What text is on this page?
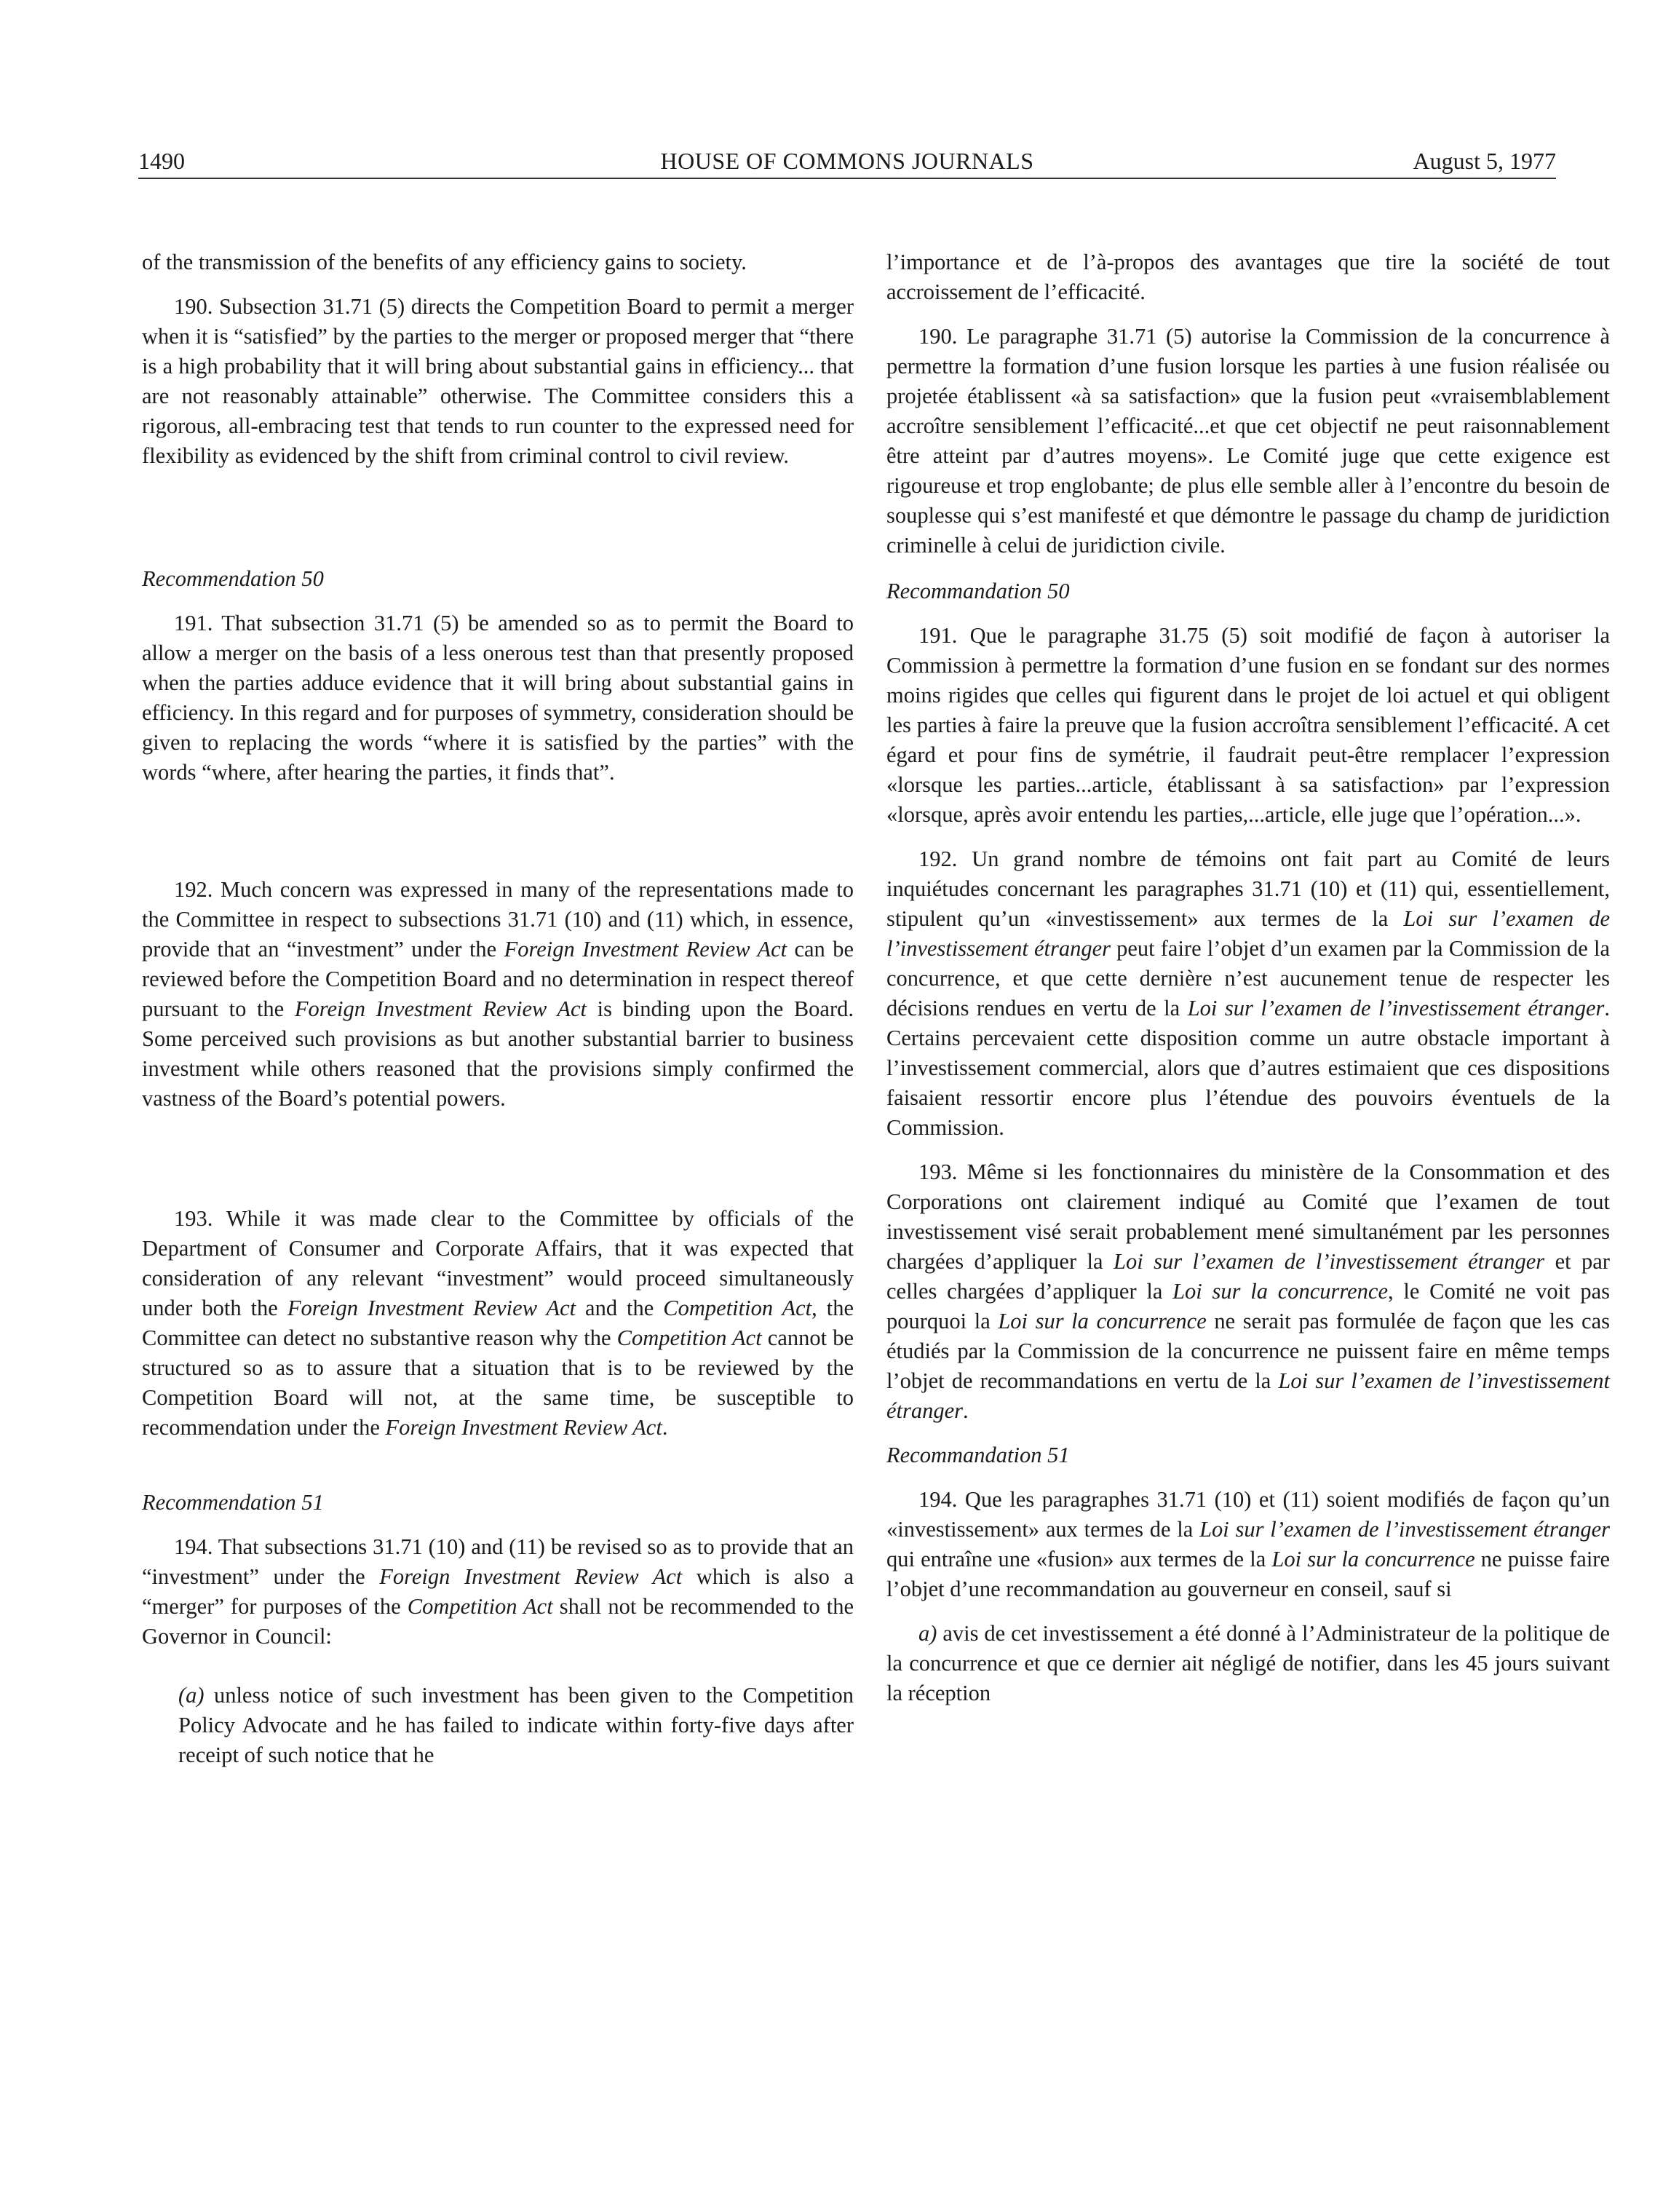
1490	HOUSE OF COMMONS JOURNALS	August 5, 1977

of the transmission of the benefits of any efficiency gains to society.

190. Subsection 31.71 (5) directs the Competition Board to permit a merger when it is “satisfied” by the parties to the merger or proposed merger that “there is a high probability that it will bring about substantial gains in efficiency... that are not reasonably attainable” otherwise. The Committee considers this a rigorous, all-embracing test that tends to run counter to the expressed need for flexibility as evidenced by the shift from criminal control to civil review.

Recommendation 50

191. That subsection 31.71 (5) be amended so as to permit the Board to allow a merger on the basis of a less onerous test than that presently proposed when the parties adduce evidence that it will bring about substantial gains in efficiency. In this regard and for purposes of symmetry, consideration should be given to replacing the words “where it is satisfied by the parties” with the words “where, after hearing the parties, it finds that”.

192. Much concern was expressed in many of the representations made to the Committee in respect to subsections 31.71 (10) and (11) which, in essence, provide that an “investment” under the Foreign Investment Review Act can be reviewed before the Competition Board and no determination in respect thereof pursuant to the Foreign Investment Review Act is binding upon the Board. Some perceived such provisions as but another substantial barrier to business investment while others reasoned that the provisions simply confirmed the vastness of the Board’s potential powers.

193. While it was made clear to the Committee by officials of the Department of Consumer and Corporate Affairs, that it was expected that consideration of any relevant “investment” would proceed simultaneously under both the Foreign Investment Review Act and the Competition Act, the Committee can detect no substantive reason why the Competition Act cannot be structured so as to assure that a situation that is to be reviewed by the Competition Board will not, at the same time, be susceptible to recommendation under the Foreign Investment Review Act.

Recommendation 51

194. That subsections 31.71 (10) and (11) be revised so as to provide that an “investment” under the Foreign Investment Review Act which is also a “merger” for purposes of the Competition Act shall not be recommended to the Governor in Council:

(a) unless notice of such investment has been given to the Competition Policy Advocate and he has failed to indicate within forty-five days after receipt of such notice that he

l’importance et de l’à-propos des avantages que tire la société de tout accroissement de l’efficacité.

190. Le paragraphe 31.71 (5) autorise la Commission de la concurrence à permettre la formation d’une fusion lorsque les parties à une fusion réalisée ou projetée établissent «à sa satisfaction» que la fusion peut «vraisemblablement accroître sensiblement l’efficacité...et que cet objectif ne peut raisonnablement être atteint par d’autres moyens». Le Comité juge que cette exigence est rigoureuse et trop englobante; de plus elle semble aller à l’encontre du besoin de souplesse qui s’est manifesté et que démontre le passage du champ de juridiction criminelle à celui de juridiction civile.

Recommandation 50

191. Que le paragraphe 31.75 (5) soit modifié de façon à autoriser la Commission à permettre la formation d’une fusion en se fondant sur des normes moins rigides que celles qui figurent dans le projet de loi actuel et qui obligent les parties à faire la preuve que la fusion accroîtra sensiblement l’efficacité. A cet égard et pour fins de symétrie, il faudrait peut-être remplacer l’expression «lorsque les parties...article, établissant à sa satisfaction» par l’expression «lorsque, après avoir entendu les parties,...article, elle juge que l’opération...».

192. Un grand nombre de témoins ont fait part au Comité de leurs inquiétudes concernant les paragraphes 31.71 (10) et (11) qui, essentiellement, stipulent qu’un «investissement» aux termes de la Loi sur l’examen de l’investissement étranger peut faire l’objet d’un examen par la Commission de la concurrence, et que cette dernière n’est aucunement tenue de respecter les décisions rendues en vertu de la Loi sur l’examen de l’investissement étranger. Certains percevaient cette disposition comme un autre obstacle important à l’investissement commercial, alors que d’autres estimaient que ces dispositions faisaient ressortir encore plus l’étendue des pouvoirs éventuels de la Commission.

193. Même si les fonctionnaires du ministère de la Consommation et des Corporations ont clairement indiqué au Comité que l’examen de tout investissement visé serait probablement mené simultanément par les personnes chargées d’appliquer la Loi sur l’examen de l’investissement étranger et par celles chargées d’appliquer la Loi sur la concurrence, le Comité ne voit pas pourquoi la Loi sur la concurrence ne serait pas formulée de façon que les cas étudiés par la Commission de la concurrence ne puissent faire en même temps l’objet de recommandations en vertu de la Loi sur l’examen de l’investissement étranger.

Recommandation 51

194. Que les paragraphes 31.71 (10) et (11) soient modifiés de façon qu’un «investissement» aux termes de la Loi sur l’examen de l’investissement étranger qui entraîne une «fusion» aux termes de la Loi sur la concurrence ne puisse faire l’objet d’une recommandation au gouverneur en conseil, sauf si

a) avis de cet investissement a été donné à l’Administrateur de la politique de la concurrence et que ce dernier ait négligé de notifier, dans les 45 jours suivant la réception
